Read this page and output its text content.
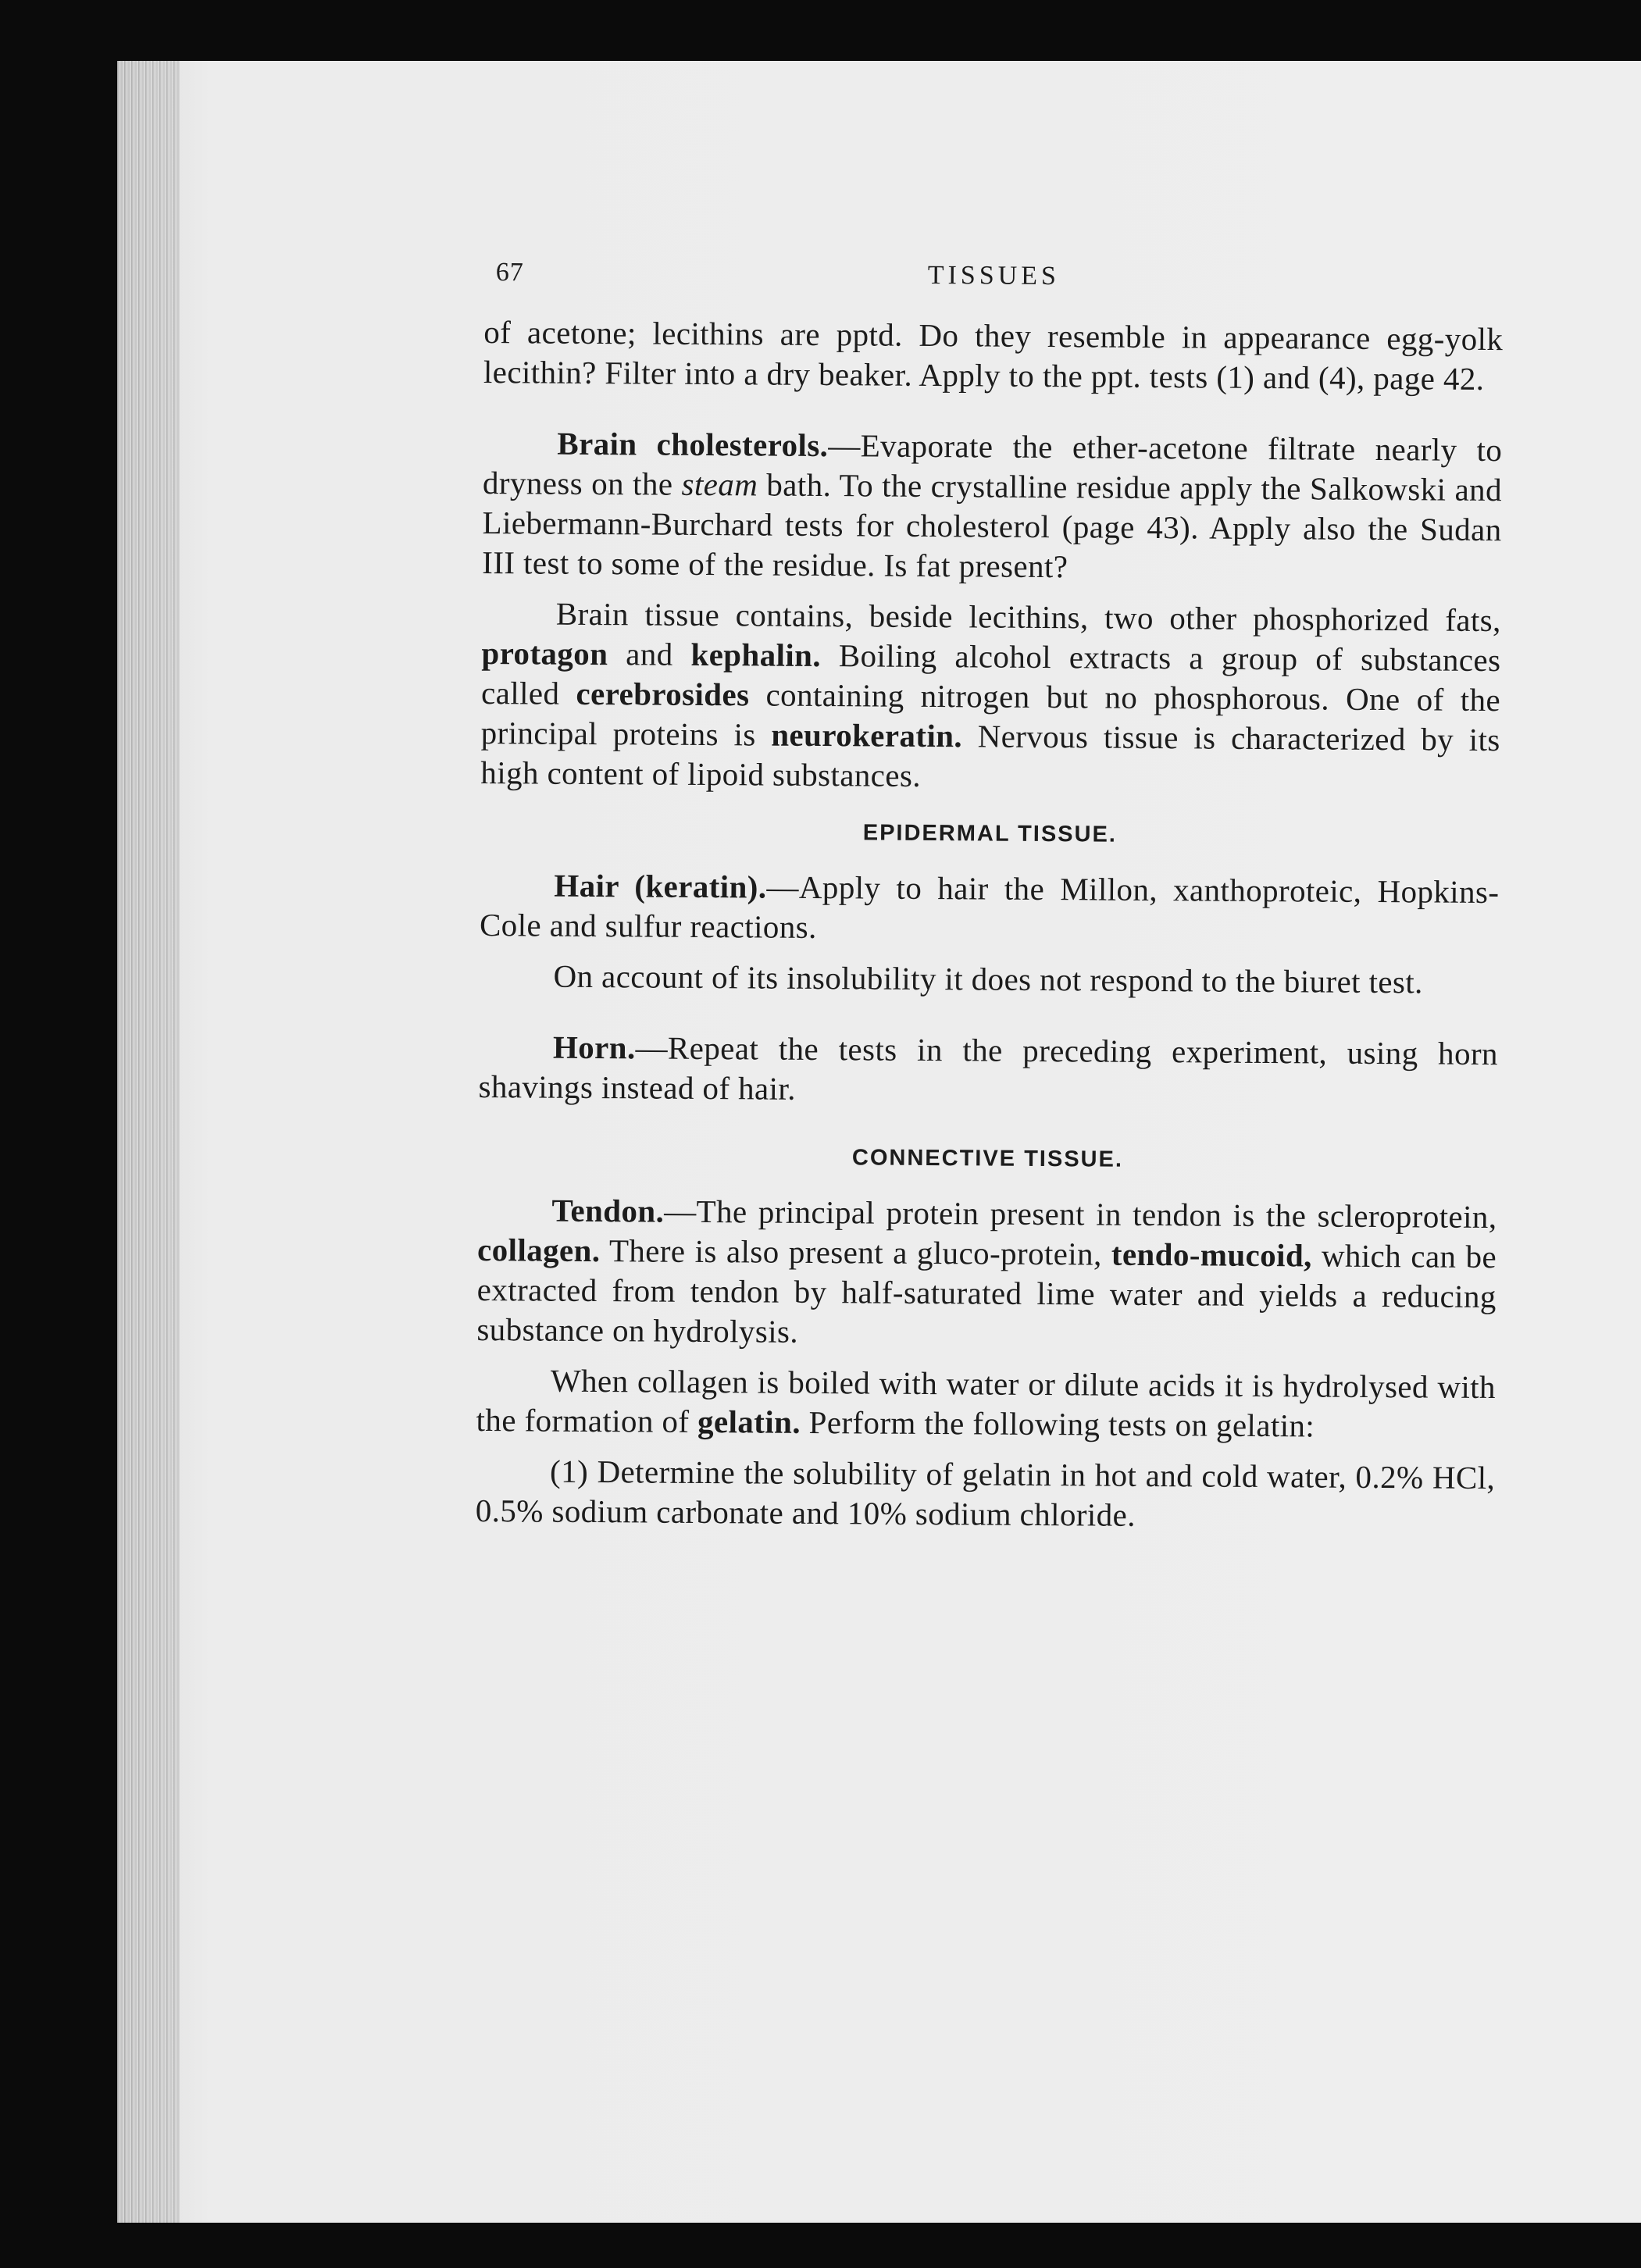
67	TISSUES

of acetone; lecithins are pptd. Do they resemble in appearance egg-yolk lecithin? Filter into a dry beaker. Apply to the ppt. tests (1) and (4), page 42.

Brain cholesterols.—Evaporate the ether-acetone filtrate nearly to dryness on the steam bath. To the crystalline residue apply the Salkowski and Liebermann-Burchard tests for cholesterol (page 43). Apply also the Sudan III test to some of the residue. Is fat present?

Brain tissue contains, beside lecithins, two other phosphorized fats, protagon and kephalin. Boiling alcohol extracts a group of substances called cerebrosides containing nitrogen but no phosphorous. One of the principal proteins is neurokeratin. Nervous tissue is characterized by its high content of lipoid substances.

EPIDERMAL TISSUE.

Hair (keratin).—Apply to hair the Millon, xanthoproteic, Hopkins-Cole and sulfur reactions.

On account of its insolubility it does not respond to the biuret test.

Horn.—Repeat the tests in the preceding experiment, using horn shavings instead of hair.

CONNECTIVE TISSUE.

Tendon.—The principal protein present in tendon is the scleroprotein, collagen. There is also present a gluco-protein, tendo-mucoid, which can be extracted from tendon by half-saturated lime water and yields a reducing substance on hydrolysis.

When collagen is boiled with water or dilute acids it is hydrolysed with the formation of gelatin. Perform the following tests on gelatin:

(1) Determine the solubility of gelatin in hot and cold water, 0.2% HCl, 0.5% sodium carbonate and 10% sodium chloride.
